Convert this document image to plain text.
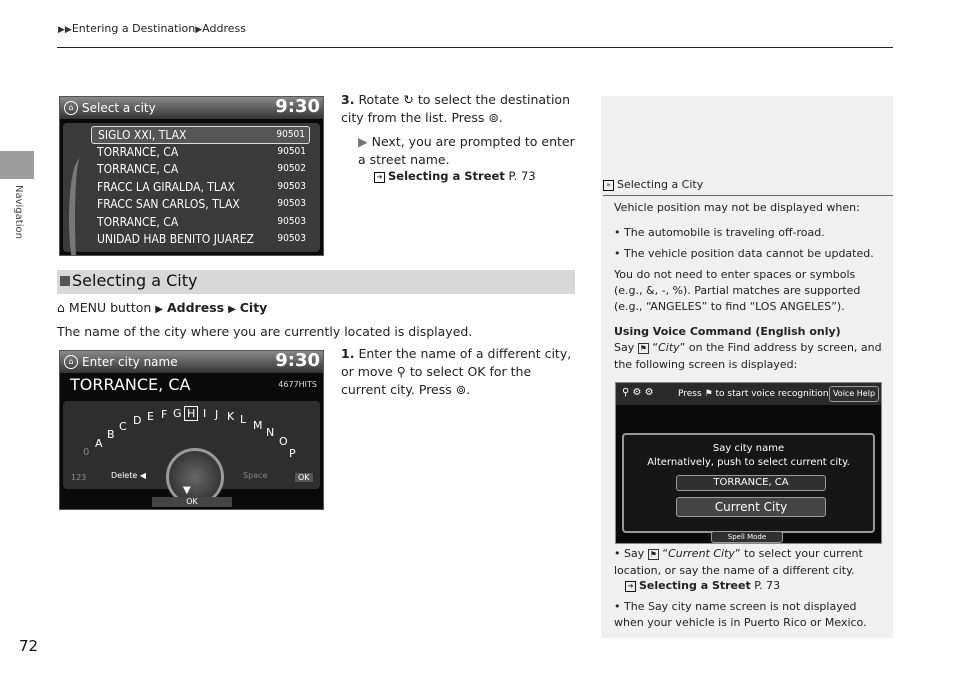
▶▶Entering a Destination▶Address
Navigation
72
⌂ Select a city	9:30
SIGLO XXI, TLAX	90501
TORRANCE, CA	90501
TORRANCE, CA	90502
FRACC LA GIRALDA, TLAX	90503
FRACC SAN CARLOS, TLAX	90503
TORRANCE, CA	90503
UNIDAD HAB BENITO JUAREZ 90503
3. Rotate ↻ to select the destination city from the list. Press ⊚.
▶ Next, you are prompted to enter a street name.
➔ Selecting a Street P. 73
Selecting a City
⌂ MENU button ▶ Address ▶ City
The name of the city where you are currently located is displayed.
⌂ Enter city name	9:30
TORRANCE, CA	4677HITS
A
B
C D E F G H I J K L M
N
O
P
0
123	Delete ◀	Space	OK
OK
▼
1. Enter the name of a different city, or move ⚲ to select OK for the current city. Press ⊚.
» Selecting a City
Vehicle position may not be displayed when:
• The automobile is traveling off-road.
• The vehicle position data cannot be updated.
You do not need to enter spaces or symbols (e.g., &, -, %). Partial matches are supported (e.g., “ANGELES” to find “LOS ANGELES”).
Using Voice Command (English only)
Say ⚑ “City” on the Find address by screen, and the following screen is displayed:
⚲ ⚙ ⚙	Press ⚑ to start voice recognition Voice Help
Say city name
Alternatively, push to select current city.
TORRANCE, CA
Current City
Spell Mode
• Say ⚑ “Current City” to select your current location, or say the name of a different city.
➔ Selecting a Street P. 73
• The Say city name screen is not displayed when your vehicle is in Puerto Rico or Mexico.
